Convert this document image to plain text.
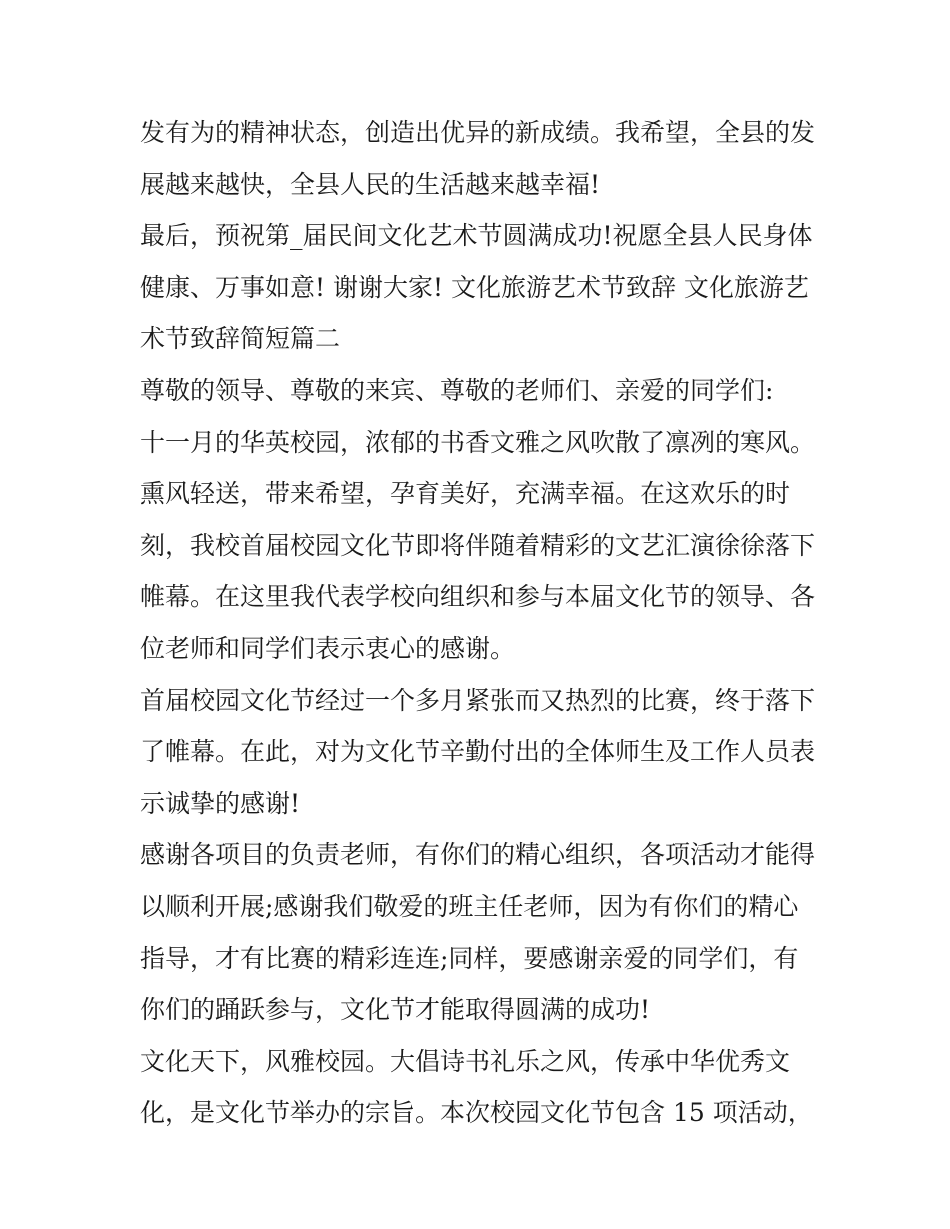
发有为的精神状态，创造出优异的新成绩。我希望，全县的发
展越来越快，全县人民的生活越来越幸福!
最后，预祝第_届民间文化艺术节圆满成功!祝愿全县人民身体
健康、万事如意! 谢谢大家! 文化旅游艺术节致辞 文化旅游艺
术节致辞简短篇二
尊敬的领导、尊敬的来宾、尊敬的老师们、亲爱的同学们:
十一月的华英校园，浓郁的书香文雅之风吹散了凛冽的寒风。
熏风轻送，带来希望，孕育美好，充满幸福。在这欢乐的时
刻，我校首届校园文化节即将伴随着精彩的文艺汇演徐徐落下
帷幕。在这里我代表学校向组织和参与本届文化节的领导、各
位老师和同学们表示衷心的感谢。
首届校园文化节经过一个多月紧张而又热烈的比赛，终于落下
了帷幕。在此，对为文化节辛勤付出的全体师生及工作人员表
示诚挚的感谢!
感谢各项目的负责老师，有你们的精心组织，各项活动才能得
以顺利开展;感谢我们敬爱的班主任老师，因为有你们的精心
指导，才有比赛的精彩连连;同样，要感谢亲爱的同学们，有
你们的踊跃参与，文化节才能取得圆满的成功!
文化天下，风雅校园。大倡诗书礼乐之风，传承中华优秀文
化，是文化节举办的宗旨。本次校园文化节包含 15 项活动，
